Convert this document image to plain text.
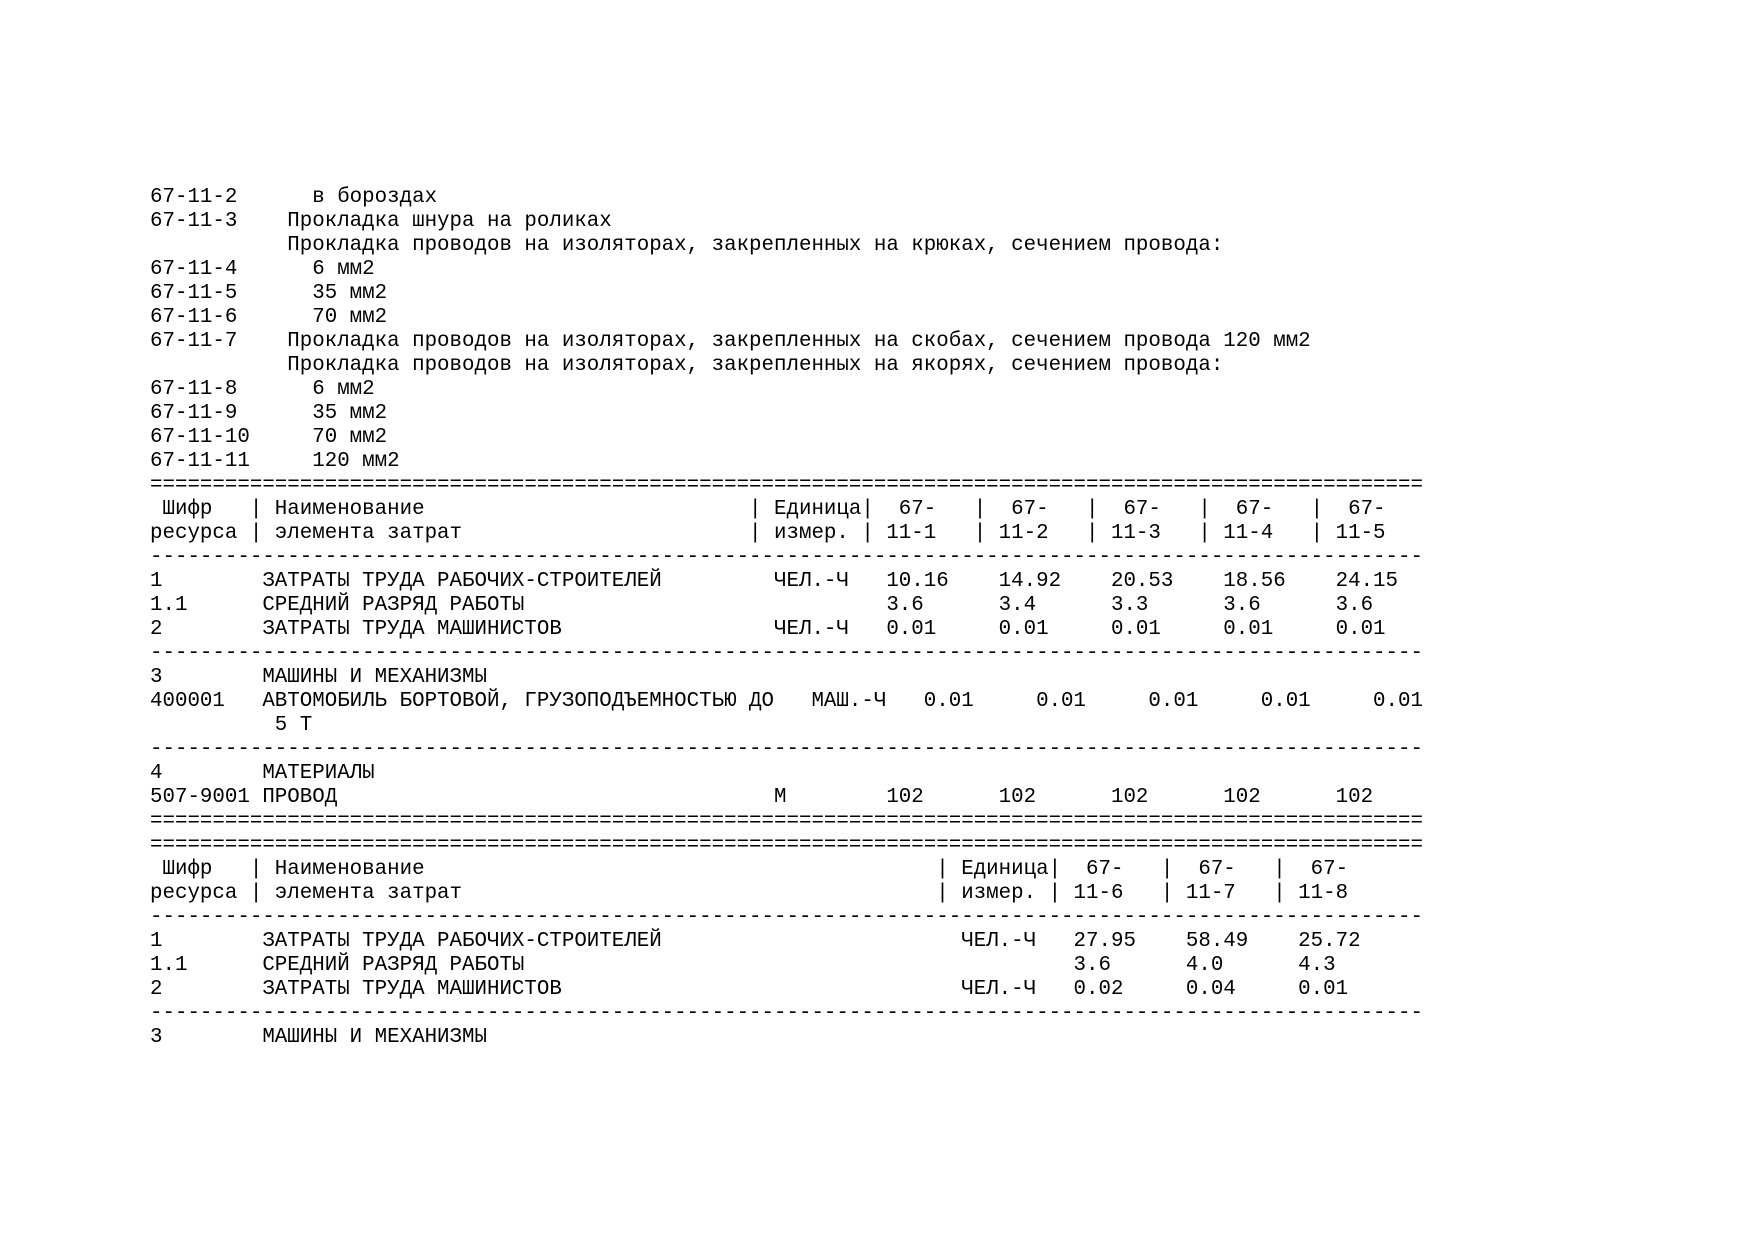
67-11-2      в бороздах
67-11-3    Прокладка шнура на роликах
Прокладка проводов на изоляторах, закрепленных на крюках, сечением провода:
67-11-4      6 мм2
67-11-5      35 мм2
67-11-6      70 мм2
67-11-7    Прокладка проводов на изоляторах, закрепленных на скобах, сечением провода 120 мм2
Прокладка проводов на изоляторах, закрепленных на якорях, сечением провода:
67-11-8      6 мм2
67-11-9      35 мм2
67-11-10     70 мм2
67-11-11     120 мм2
======================================================================================================
Шифр   | Наименование                          | Единица|  67-   |  67-   |  67-   |  67-   |  67-
ресурса | элемента затрат                       | измер. | 11-1   | 11-2   | 11-3   | 11-4   | 11-5
------------------------------------------------------------------------------------------------------
1        ЗАТРАТЫ ТРУДА РАБОЧИХ-СТРОИТЕЛЕЙ         ЧЕЛ.-Ч   10.16    14.92    20.53    18.56    24.15
1.1      СРЕДНИЙ РАЗРЯД РАБОТЫ                             3.6      3.4      3.3      3.6      3.6
2        ЗАТРАТЫ ТРУДА МАШИНИСТОВ                 ЧЕЛ.-Ч   0.01     0.01     0.01     0.01     0.01
------------------------------------------------------------------------------------------------------
3        МАШИНЫ И МЕХАНИЗМЫ
400001   АВТОМОБИЛЬ БОРТОВОЙ, ГРУЗОПОДЪЕМНОСТЬЮ ДО   МАШ.-Ч   0.01     0.01     0.01     0.01     0.01
5 Т
------------------------------------------------------------------------------------------------------
4        МАТЕРИАЛЫ
507-9001 ПРОВОД                                   М        102      102      102      102      102
======================================================================================================
======================================================================================================
Шифр   | Наименование                                         | Единица|  67-   |  67-   |  67-
ресурса | элемента затрат                                      | измер. | 11-6   | 11-7   | 11-8
------------------------------------------------------------------------------------------------------
1        ЗАТРАТЫ ТРУДА РАБОЧИХ-СТРОИТЕЛЕЙ                        ЧЕЛ.-Ч   27.95    58.49    25.72
1.1      СРЕДНИЙ РАЗРЯД РАБОТЫ                                            3.6      4.0      4.3
2        ЗАТРАТЫ ТРУДА МАШИНИСТОВ                                ЧЕЛ.-Ч   0.02     0.04     0.01
------------------------------------------------------------------------------------------------------
3        МАШИНЫ И МЕХАНИЗМЫ
